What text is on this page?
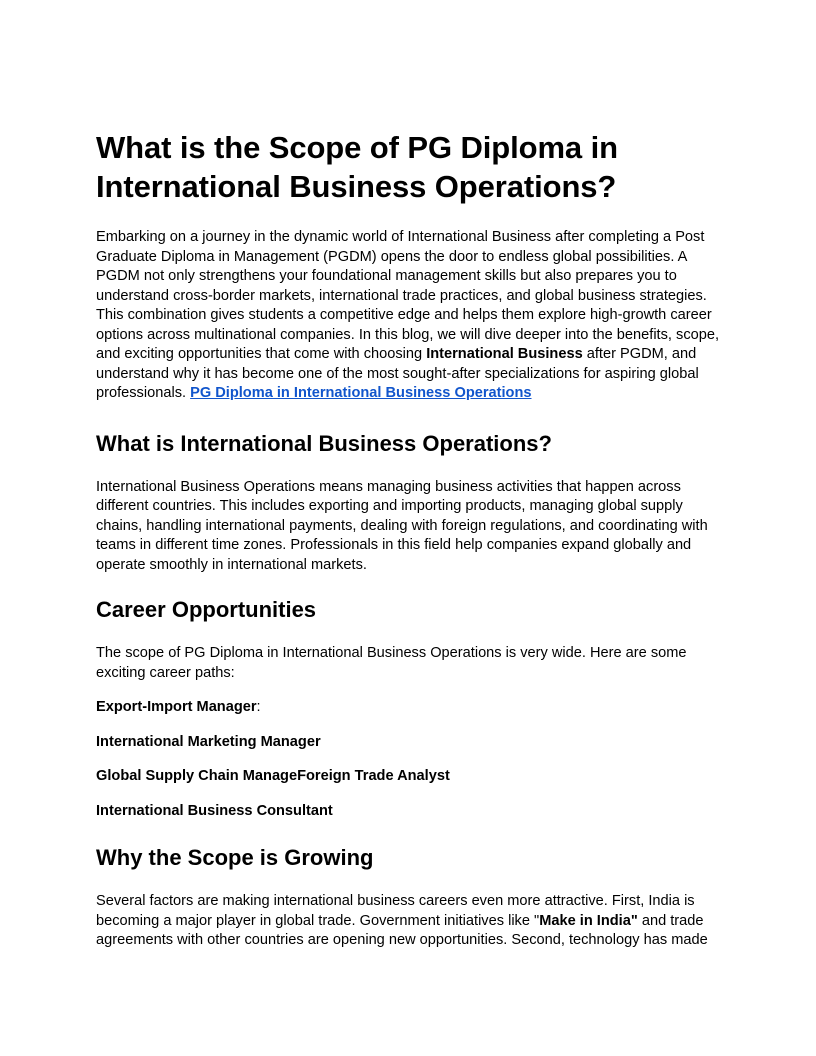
What is the Scope of PG Diploma in International Business Operations?

Embarking on a journey in the dynamic world of International Business after completing a Post Graduate Diploma in Management (PGDM) opens the door to endless global possibilities. A PGDM not only strengthens your foundational management skills but also prepares you to understand cross-border markets, international trade practices, and global business strategies. This combination gives students a competitive edge and helps them explore high-growth career options across multinational companies. In this blog, we will dive deeper into the benefits, scope, and exciting opportunities that come with choosing International Business after PGDM, and understand why it has become one of the most sought-after specializations for aspiring global professionals. PG Diploma in International Business Operations

What is International Business Operations?

International Business Operations means managing business activities that happen across different countries. This includes exporting and importing products, managing global supply chains, handling international payments, dealing with foreign regulations, and coordinating with teams in different time zones. Professionals in this field help companies expand globally and operate smoothly in international markets.

Career Opportunities

The scope of PG Diploma in International Business Operations is very wide. Here are some exciting career paths:

Export-Import Manager:

International Marketing Manager

Global Supply Chain ManageForeign Trade Analyst

International Business Consultant

Why the Scope is Growing

Several factors are making international business careers even more attractive. First, India is becoming a major player in global trade. Government initiatives like "Make in India" and trade agreements with other countries are opening new opportunities. Second, technology has made
